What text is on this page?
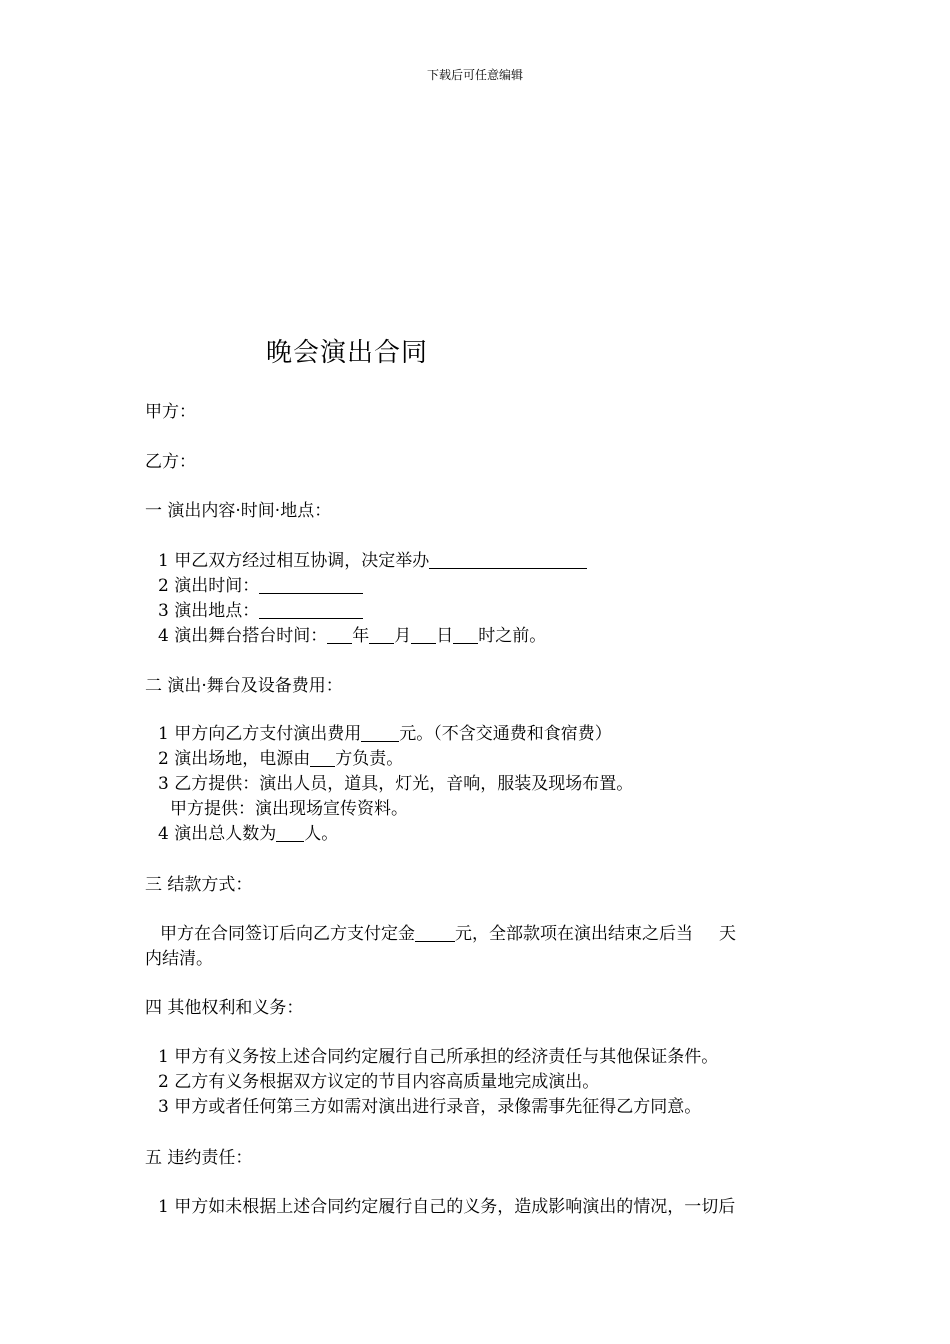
下载后可任意编辑
晚会演出合同
甲方：
乙方：
一 演出内容·时间·地点：
1 甲乙双方经过相互协调，决定举办
2 演出时间：
3 演出地点：
4 演出舞台搭台时间： 年 月 日 时之前。
二 演出·舞台及设备费用：
1 甲方向乙方支付演出费用 元。（不含交通费和食宿费）
2 演出场地，电源由 方负责。
3 乙方提供：演出人员，道具，灯光，音响，服装及现场布置。
甲方提供：演出现场宣传资料。
4 演出总人数为 人。
三 结款方式：
甲方在合同签订后向乙方支付定金 元，全部款项在演出结束之后当 天
内结清。
四 其他权利和义务：
1 甲方有义务按上述合同约定履行自己所承担的经济责任与其他保证条件。
2 乙方有义务根据双方议定的节目内容高质量地完成演出。
3 甲方或者任何第三方如需对演出进行录音，录像需事先征得乙方同意。
五 违约责任：
1 甲方如未根据上述合同约定履行自己的义务，造成影响演出的情况，一切后
